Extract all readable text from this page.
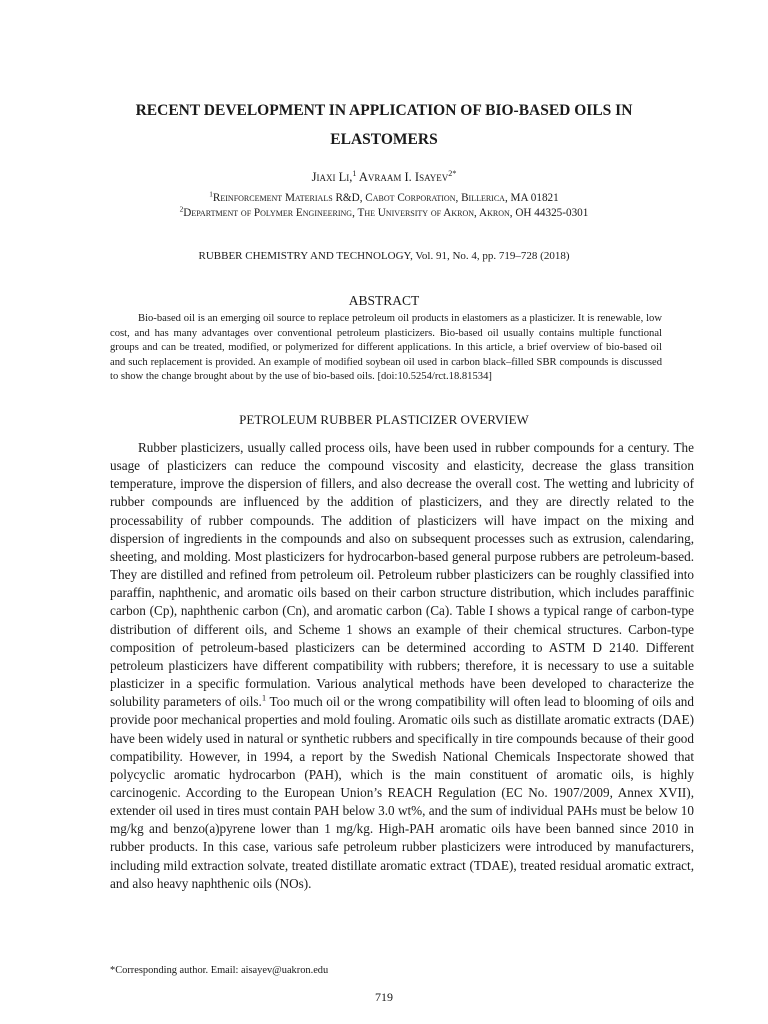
RECENT DEVELOPMENT IN APPLICATION OF BIO-BASED OILS IN
ELASTOMERS
Jiaxi Li,$^1$ Avraam I. Isayev$^{2*}$
$^1$Reinforcement Materials R&D, Cabot Corporation, Billerica, MA 01821
$^2$Department of Polymer Engineering, The University of Akron, Akron, OH 44325-0301
RUBBER CHEMISTRY AND TECHNOLOGY, Vol. 91, No. 4, pp. 719–728 (2018)
ABSTRACT
Bio-based oil is an emerging oil source to replace petroleum oil products in elastomers as a plasticizer. It is renewable, low cost, and has many advantages over conventional petroleum plasticizers. Bio-based oil usually contains multiple functional groups and can be treated, modified, or polymerized for different applications. In this article, a brief overview of bio-based oil and such replacement is provided. An example of modified soybean oil used in carbon black–filled SBR compounds is discussed to show the change brought about by the use of bio-based oils. [doi:10.5254/rct.18.81534]
PETROLEUM RUBBER PLASTICIZER OVERVIEW

Rubber plasticizers, usually called process oils, have been used in rubber compounds for a century. The usage of plasticizers can reduce the compound viscosity and elasticity, decrease the glass transition temperature, improve the dispersion of fillers, and also decrease the overall cost. The wetting and lubricity of rubber compounds are influenced by the addition of plasticizers, and they are directly related to the processability of rubber compounds. The addition of plasticizers will have impact on the mixing and dispersion of ingredients in the compounds and also on subsequent processes such as extrusion, calendaring, sheeting, and molding. Most plasticizers for hydrocarbon-based general purpose rubbers are petroleum-based. They are distilled and refined from petroleum oil. Petroleum rubber plasticizers can be roughly classified into paraffin, naphthenic, and aromatic oils based on their carbon structure distribution, which includes paraffinic carbon (Cp), naphthenic carbon (Cn), and aromatic carbon (Ca). Table I shows a typical range of carbon-type distribution of different oils, and Scheme 1 shows an example of their chemical structures. Carbon-type composition of petroleum-based plasticizers can be determined according to ASTM D 2140. Different petroleum plasticizers have different compatibility with rubbers; therefore, it is necessary to use a suitable plasticizer in a specific formulation. Various analytical methods have been developed to characterize the solubility parameters of oils.$^1$ Too much oil or the wrong compatibility will often lead to blooming of oils and provide poor mechanical properties and mold fouling. Aromatic oils such as distillate aromatic extracts (DAE) have been widely used in natural or synthetic rubbers and specifically in tire compounds because of their good compatibility. However, in 1994, a report by the Swedish National Chemicals Inspectorate showed that polycyclic aromatic hydrocarbon (PAH), which is the main constituent of aromatic oils, is highly carcinogenic. According to the European Union’s REACH Regulation (EC No. 1907/2009, Annex XVII), extender oil used in tires must contain PAH below 3.0 wt%, and the sum of individual PAHs must be below 10 mg/kg and benzo(a)pyrene lower than 1 mg/kg. High-PAH aromatic oils have been banned since 2010 in rubber products. In this case, various safe petroleum rubber plasticizers were introduced by manufacturers, including mild extraction solvate, treated distillate aromatic extract (TDAE), treated residual aromatic extract, and also heavy naphthenic oils (NOs).

*Corresponding author. Email: aisayev@uakron.edu
719
